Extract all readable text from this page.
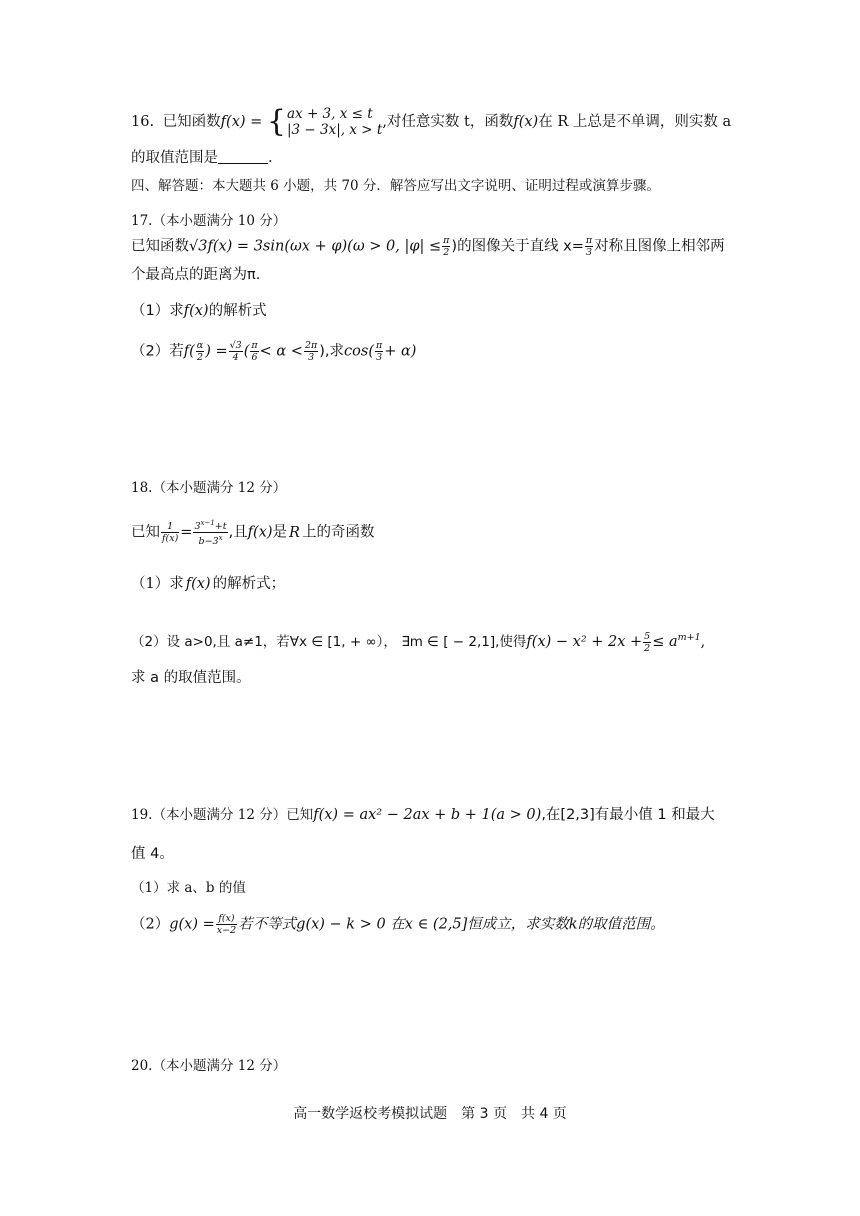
16. 已知函数f(x) = { ax + 3, x ≤ t
|3 − 3x|, x > t ,对任意实数 t，函数f(x)在 R 上总是不单调，则实数 a
的取值范围是	.
四、解答题：本大题共 6 小题，共 70 分．解答应写出文字说明、证明过程或演算步骤。
17.（本小题满分 10 分）
已知函数√3f(x) = 3sin(ωx + φ)(ω > 0, $|\varphi| \le \frac{\pi}{2}$ )的图像关于直线 $x= \frac{\pi}{3}$ 对称且图像上相邻两
个最高点的距离为π.
（1）求f(x)的解析式
（2）若$f( \frac{\alpha}{2}$ ) = $\frac{√3}{4}$ ( $\frac{\pi}{6} < \alpha < \frac{2\pi}{3}$ ),求$\cos( \frac{\pi}{3} + \alpha)$
18.（本小题满分 12 分）
已知 $\frac{1}{f(x)} = \frac{3^{x-1}+t}{b-3^x}$ ,且f(x)是 R 上的奇函数
（1）求 f(x) 的解析式；
（2）设 a>0,且 a≠1，若∀x ∈ [1, + ∞）， ∃m ∈ [ − 2,1],使得$f(x) - x^2 + 2x + \frac{5}{2} \le a^{m+1}$,
求 a 的取值范围。
19.（本小题满分 12 分）已知f(x) = ax² − 2ax + b + 1(a > 0),在[2,3]有最小值 1 和最大
值 4。
（1）求 a、b 的值
$(2)g(x) = \frac{f(x)}{x-2}$ 若不等式g(x) − k > 0 在x ∈ (2,5]恒成立，求实数k的取值范围。
20.（本小题满分 12 分）
高一数学返校考模拟试题　第 3 页　共 4 页
